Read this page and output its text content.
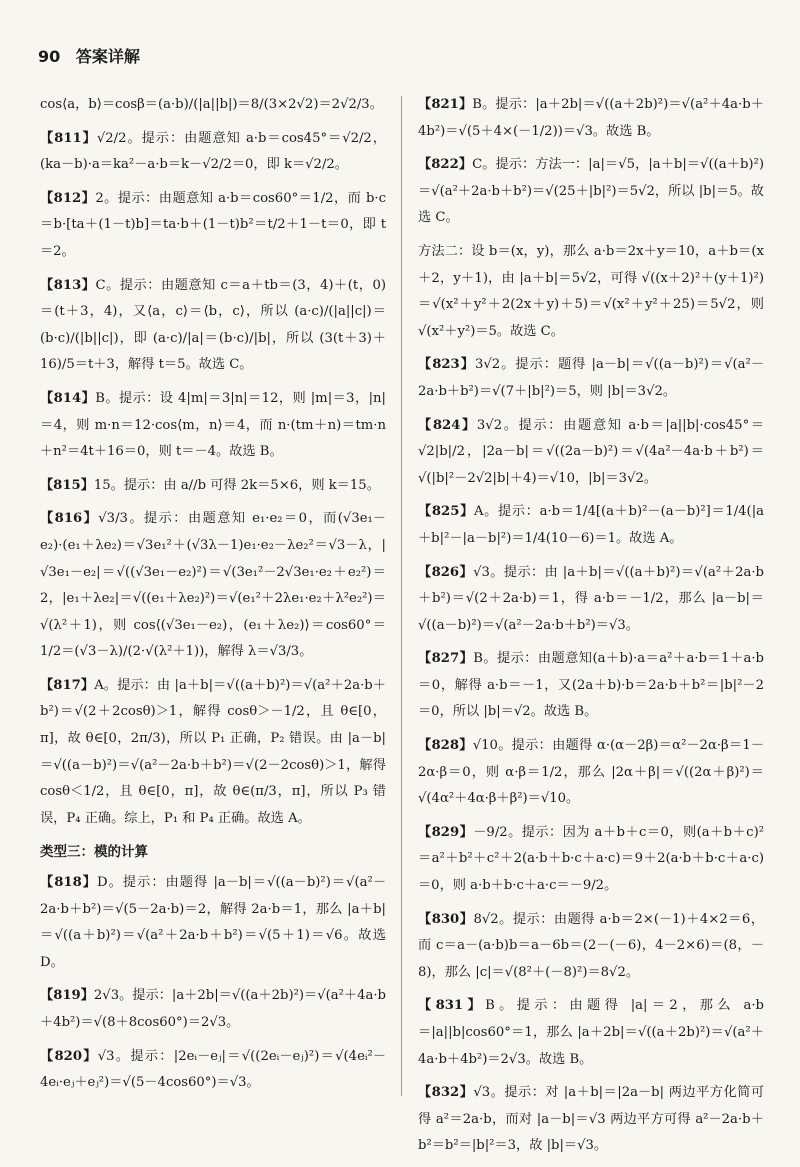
90 答案详解

cos⟨a，b⟩＝cosβ＝(a·b)/(|a||b|)＝8/(3×2√2)＝2√2/3。

【811】√2/2。提示：由题意知 a·b＝cos45°＝√2/2，(ka－b)·a＝ka²－a·b＝k－√2/2＝0，即 k＝√2/2。

【812】2。提示：由题意知 a·b＝cos60°＝1/2，而 b·c＝b·[ta＋(1－t)b]＝ta·b＋(1－t)b²＝t/2＋1－t＝0，即 t＝2。

【813】C。提示：由题意知 c＝a＋tb＝(3，4)＋(t，0)＝(t＋3，4)，又⟨a，c⟩＝⟨b，c⟩，所以 (a·c)/(|a||c|)＝(b·c)/(|b||c|)，即 (a·c)/|a|＝(b·c)/|b|，所以 (3(t＋3)＋16)/5＝t＋3，解得 t＝5。故选 C。

【814】B。提示：设 4|m|＝3|n|＝12，则 |m|＝3，|n|＝4，则 m·n＝12·cos⟨m，n⟩＝4，而 n·(tm＋n)＝tm·n＋n²＝4t＋16＝0，则 t＝－4。故选 B。

【815】15。提示：由 a//b 可得 2k＝5×6，则 k＝15。

【816】√3/3。提示：由题意知 e₁·e₂＝0，而(√3e₁－e₂)·(e₁＋λe₂)＝√3e₁²＋(√3λ－1)e₁·e₂－λe₂²＝√3－λ，|√3e₁－e₂|＝√((√3e₁－e₂)²)＝√(3e₁²－2√3e₁·e₂＋e₂²)＝2，|e₁＋λe₂|＝√((e₁＋λe₂)²)＝√(e₁²＋2λe₁·e₂＋λ²e₂²)＝√(λ²＋1)，则 cos⟨(√3e₁－e₂)，(e₁＋λe₂)⟩＝cos60°＝1/2＝(√3－λ)/(2·√(λ²＋1))，解得 λ＝√3/3。

【817】A。提示：由 |a＋b|＝√((a＋b)²)＝√(a²＋2a·b＋b²)＝√(2＋2cosθ)＞1，解得 cosθ＞－1/2，且 θ∈[0，π]，故 θ∈[0，2π/3)，所以 P₁ 正确，P₂ 错误。由 |a－b|＝√((a－b)²)＝√(a²－2a·b＋b²)＝√(2－2cosθ)＞1，解得 cosθ＜1/2，且 θ∈[0，π]，故 θ∈(π/3，π]，所以 P₃ 错误，P₄ 正确。综上，P₁ 和 P₄ 正确。故选 A。

类型三：模的计算

【818】D。提示：由题得 |a－b|＝√((a－b)²)＝√(a²－2a·b＋b²)＝√(5－2a·b)＝2，解得 2a·b＝1，那么 |a＋b|＝√((a＋b)²)＝√(a²＋2a·b＋b²)＝√(5＋1)＝√6。故选 D。

【819】2√3。提示：|a＋2b|＝√((a＋2b)²)＝√(a²＋4a·b＋4b²)＝√(8＋8cos60°)＝2√3。

【820】√3。提示：|2eᵢ－eⱼ|＝√((2eᵢ－eⱼ)²)＝√(4eᵢ²－4eᵢ·eⱼ＋eⱼ²)＝√(5－4cos60°)＝√3。

【821】B。提示：|a＋2b|＝√((a＋2b)²)＝√(a²＋4a·b＋4b²)＝√(5＋4×(－1/2))＝√3。故选 B。

【822】C。提示：方法一：|a|＝√5，|a＋b|＝√((a＋b)²)＝√(a²＋2a·b＋b²)＝√(25＋|b|²)＝5√2，所以 |b|＝5。故选 C。

方法二：设 b＝(x，y)，那么 a·b＝2x＋y＝10，a＋b＝(x＋2，y＋1)，由 |a＋b|＝5√2，可得 √((x＋2)²＋(y＋1)²)＝√(x²＋y²＋2(2x＋y)＋5)＝√(x²＋y²＋25)＝5√2，则 √(x²＋y²)＝5。故选 C。

【823】3√2。提示：题得 |a－b|＝√((a－b)²)＝√(a²－2a·b＋b²)＝√(7＋|b|²)＝5，则 |b|＝3√2。

【824】3√2。提示：由题意知 a·b＝|a||b|·cos45°＝√2|b|/2，|2a－b|＝√((2a－b)²)＝√(4a²－4a·b＋b²)＝√(|b|²－2√2|b|＋4)＝√10，|b|＝3√2。

【825】A。提示：a·b＝1/4[(a＋b)²－(a－b)²]＝1/4(|a＋b|²－|a－b|²)＝1/4(10－6)＝1。故选 A。

【826】√3。提示：由 |a＋b|＝√((a＋b)²)＝√(a²＋2a·b＋b²)＝√(2＋2a·b)＝1，得 a·b＝－1/2，那么 |a－b|＝√((a－b)²)＝√(a²－2a·b＋b²)＝√3。

【827】B。提示：由题意知(a＋b)·a＝a²＋a·b＝1＋a·b＝0，解得 a·b＝－1，又(2a＋b)·b＝2a·b＋b²＝|b|²－2＝0，所以 |b|＝√2。故选 B。

【828】√10。提示：由题得 α·(α－2β)＝α²－2α·β＝1－2α·β＝0，则 α·β＝1/2，那么 |2α＋β|＝√((2α＋β)²)＝√(4α²＋4α·β＋β²)＝√10。

【829】－9/2。提示：因为 a＋b＋c＝0，则(a＋b＋c)²＝a²＋b²＋c²＋2(a·b＋b·c＋a·c)＝9＋2(a·b＋b·c＋a·c)＝0，则 a·b＋b·c＋a·c＝－9/2。

【830】8√2。提示：由题得 a·b＝2×(－1)＋4×2＝6，而 c＝a－(a·b)b＝a－6b＝(2－(－6)，4－2×6)＝(8，－8)，那么 |c|＝√(8²＋(－8)²)＝8√2。

【831】B。提示：由题得 |a|＝2，那么 a·b＝|a||b|cos60°＝1，那么 |a＋2b|＝√((a＋2b)²)＝√(a²＋4a·b＋4b²)＝2√3。故选 B。

【832】√3。提示：对 |a＋b|＝|2a－b| 两边平方化简可得 a²＝2a·b，而对 |a－b|＝√3 两边平方可得 a²－2a·b＋b²＝b²＝|b|²＝3，故 |b|＝√3。
